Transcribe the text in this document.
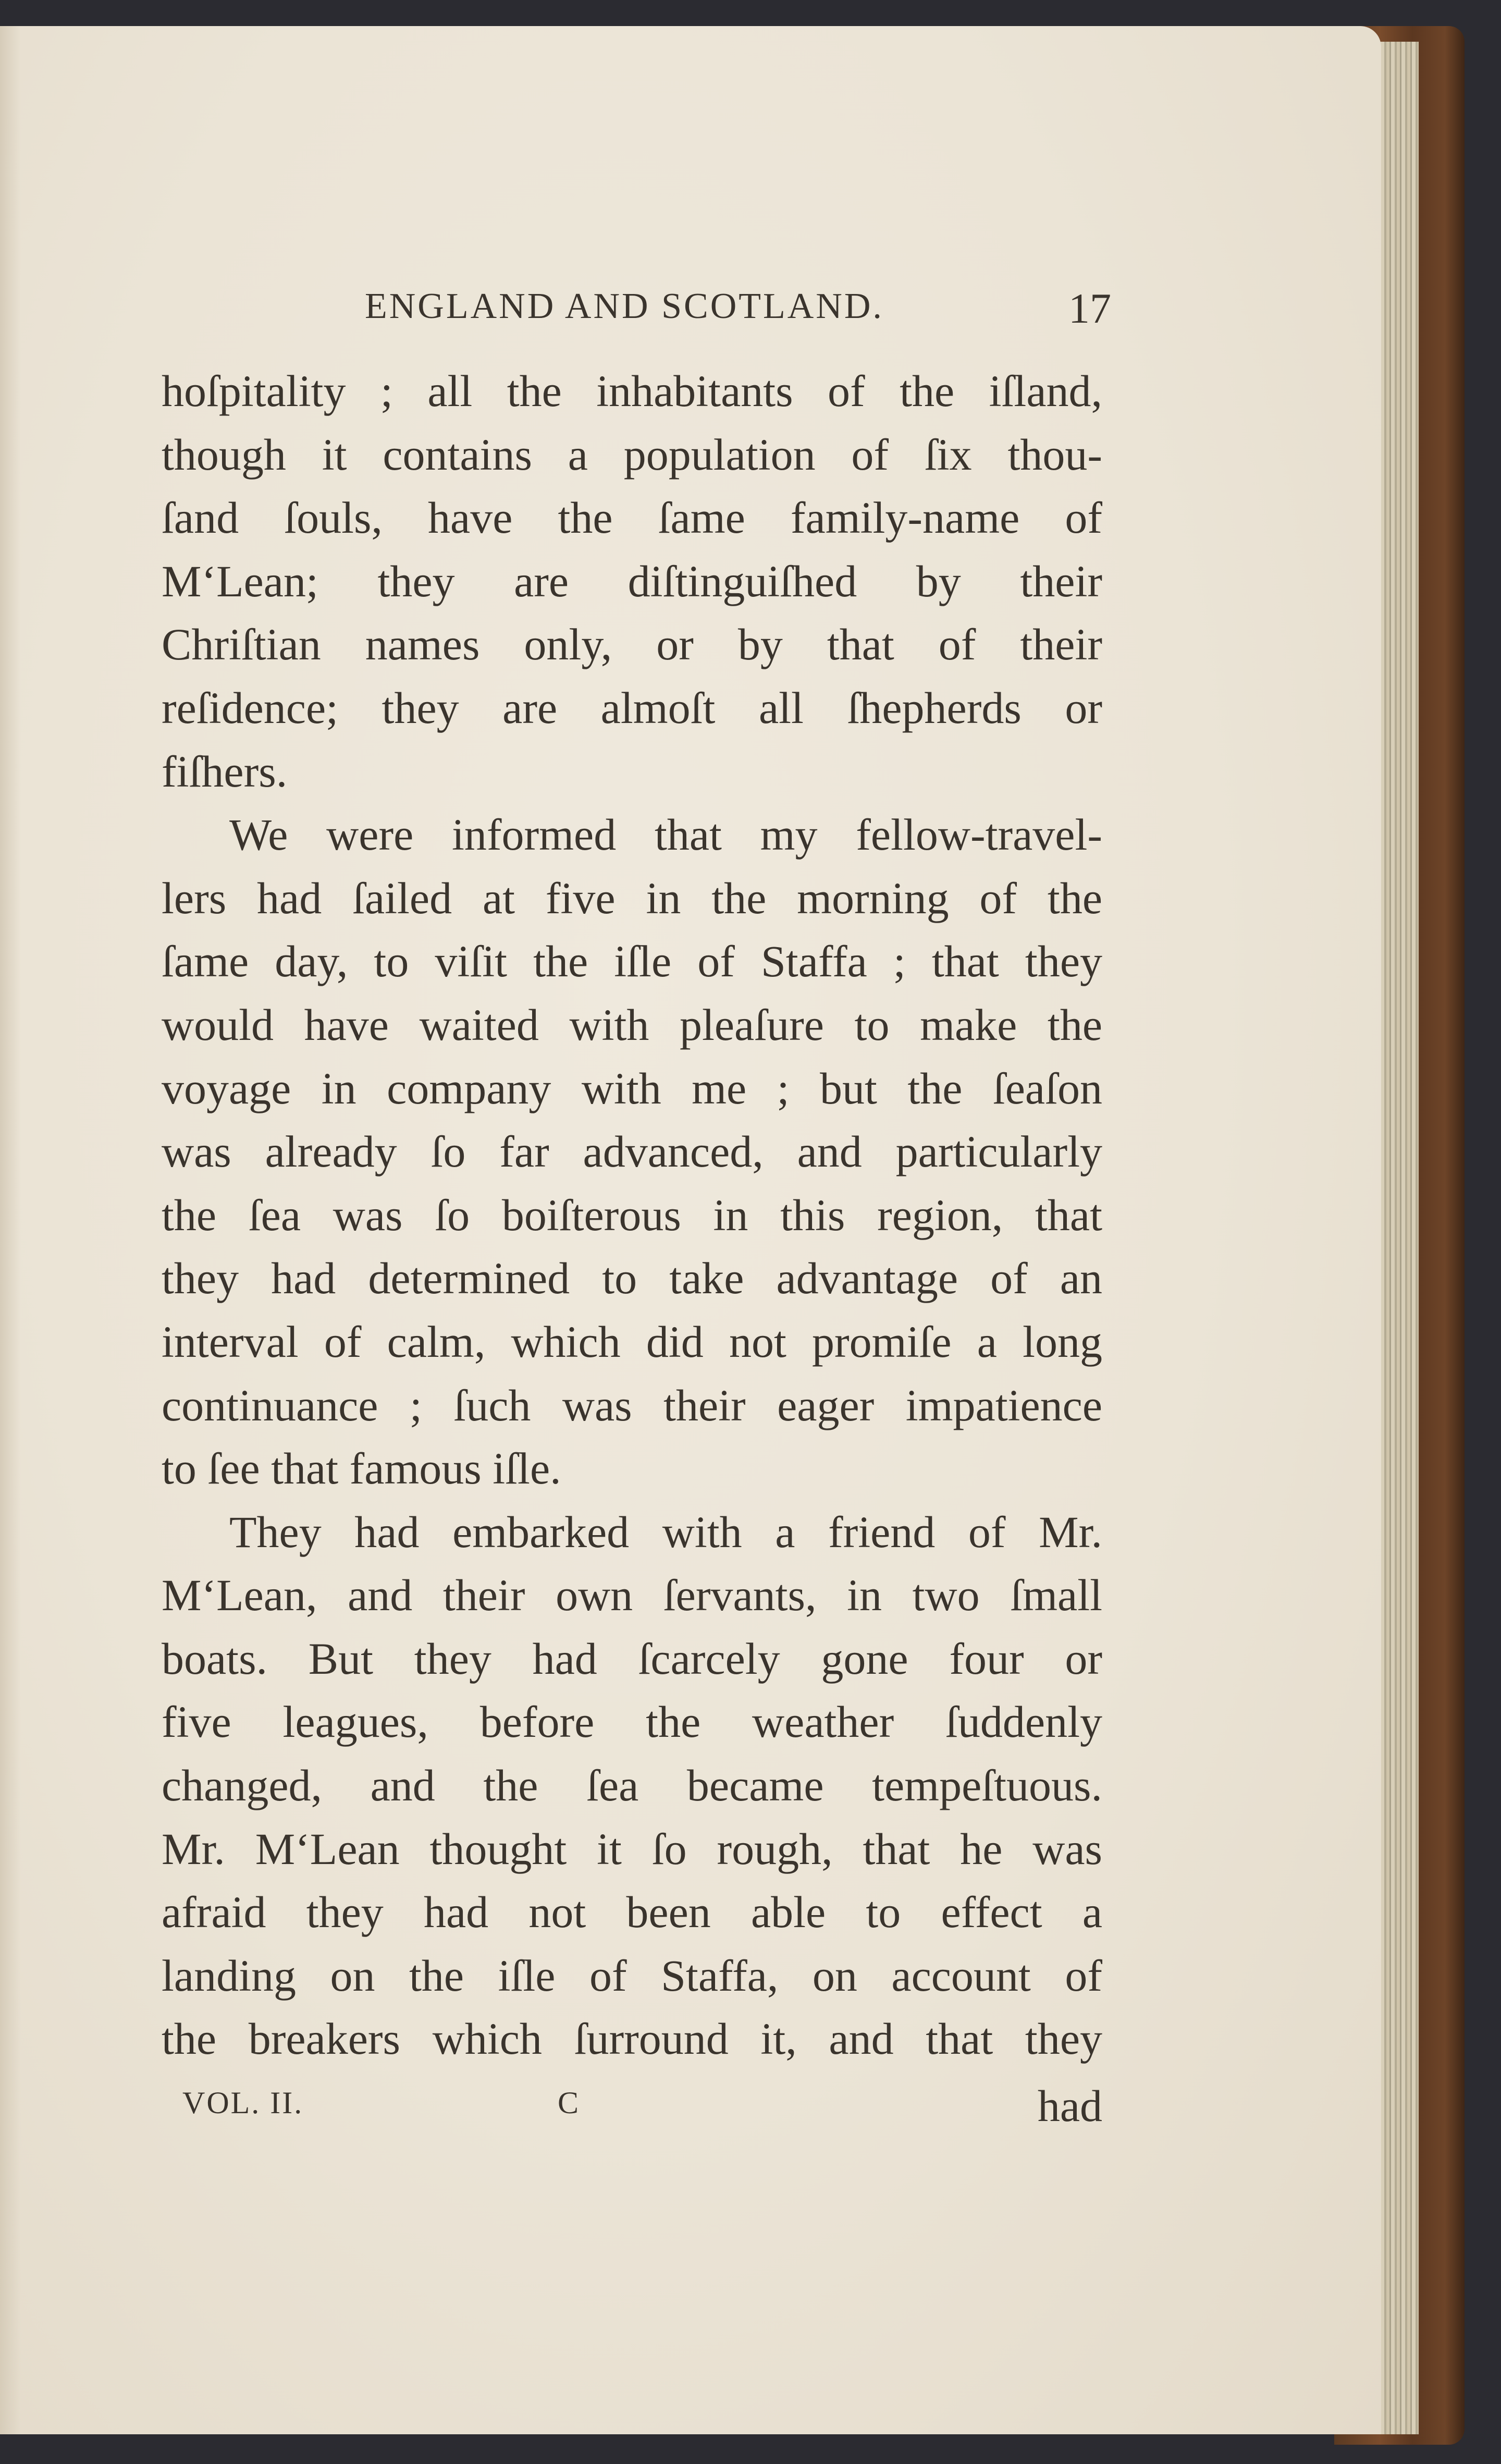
ENGLAND AND SCOTLAND.	17
hoſpitality ; all the inhabitants of the iſland,
though it contains a population of ſix thou-
ſand ſouls, have the ſame family-name of
M‘Lean; they are diſtinguiſhed by their
Chriſtian names only, or by that of their
reſidence; they are almoſt all ſhepherds or
fiſhers.
We were informed that my fellow-travel-
lers had ſailed at five in the morning of the
ſame day, to viſit the iſle of Staffa ; that they
would have waited with pleaſure to make the
voyage in company with me ; but the ſeaſon
was already ſo far advanced, and particularly
the ſea was ſo boiſterous in this region, that
they had determined to take advantage of an
interval of calm, which did not promiſe a long
continuance ; ſuch was their eager impatience
to ſee that famous iſle.
They had embarked with a friend of Mr.
M‘Lean, and their own ſervants, in two ſmall
boats. But they had ſcarcely gone four or
five leagues, before the weather ſuddenly
changed, and the ſea became tempeſtuous.
Mr. M‘Lean thought it ſo rough, that he was
afraid they had not been able to effect a
landing on the iſle of Staffa, on account of
the breakers which ſurround it, and that they
VOL. II.	C	had
